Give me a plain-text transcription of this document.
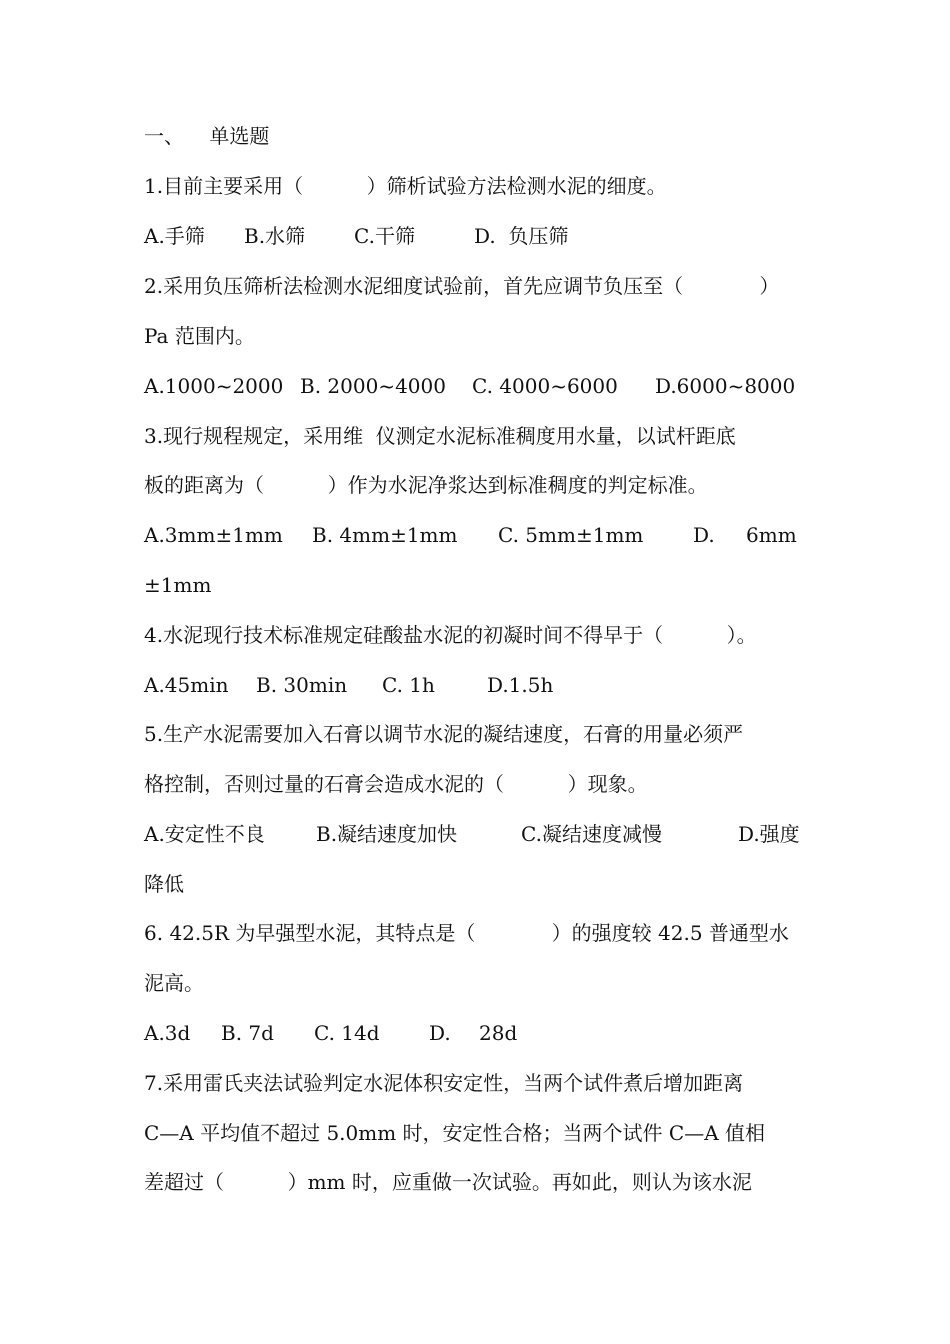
一、    单选题
1.目前主要采用（          ）筛析试验方法检测水泥的细度。

A.手筛

B.水筛

C.干筛

	D.  负压筛

2.采用负压筛析法检测水泥细度试验前，首先应调节负压至（            ）
Pa 范围内。

A.1000~2000

B. 2000~4000

C. 4000~6000

D.6000~8000

3.现行规程规定，采用维  仪测定水泥标准稠度用水量，以试杆距底
板的距离为（          ）作为水泥净浆达到标准稠度的判定标准。

A.3mm±1mm

B. 4mm±1mm

C. 5mm±1mm

D.

6mm

±1mm

4.水泥现行技术标准规定硅酸盐水泥的初凝时间不得早于（          ）。

A.45min

B. 30min

C. 1h

	D.1.5h

5.生产水泥需要加入石膏以调节水泥的凝结速度，石膏的用量必须严
格控制，否则过量的石膏会造成水泥的（          ）现象。

A.安定性不良

	B.凝结速度加快

	C.凝结速度减慢

	D.强度

降低

6. 42.5R 为早强型水泥，其特点是（            ）的强度较 42.5 普通型水
泥高。

A.3d

B. 7d

C. 14d

D.

28d

7.采用雷氏夹法试验判定水泥体积安定性，当两个试件煮后增加距离
C—A 平均值不超过 5.0mm 时，安定性合格；当两个试件 C—A 值相
差超过（          ）mm 时，应重做一次试验。再如此，则认为该水泥
